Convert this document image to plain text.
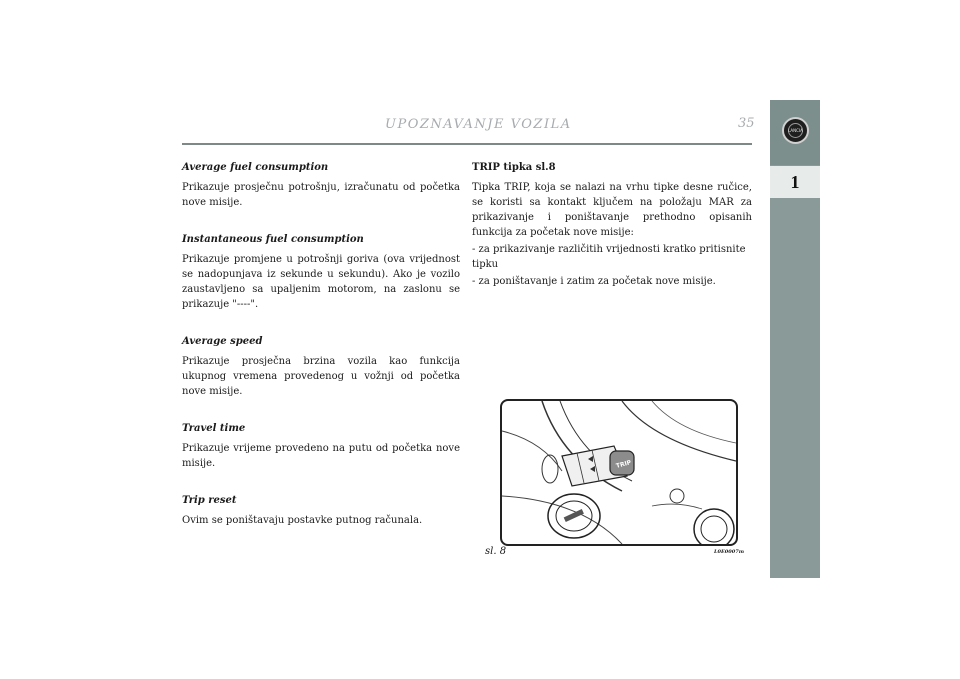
UPOZNAVANJE VOZILA	35	LANCIA
1

Average fuel consumption

Prikazuje prosječnu potrošnju, izračunatu od početka nove misije.

Instantaneous fuel consumption

Prikazuje promjene u potrošnji goriva (ova vrijednost se nadopunjava iz sekunde u sekundu). Ako je vozilo zaustavljeno sa upaljenim motorom, na zaslonu se prikazuje "----".

Average speed

Prikazuje prosječna brzina vozila kao funkcija ukupnog vremena provedenog u vožnji od početka nove misije.

Travel time

Prikazuje vrijeme provedeno na putu od početka nove misije.

Trip reset

Ovim se poništavaju postavke putnog računala.

TRIP tipka sl.8

Tipka TRIP, koja se nalazi na vrhu tipke desne ručice, se koristi sa kontakt ključem na položaju MAR za prikazivanje i poništavanje prethodno opisanih funkcija za početak nove misije:

- za prikazivanje različitih vrijednosti kratko pritisnite tipku
- za poništavanje i zatim za početak nove misije.
TRIP
sl. 8	L0E0007m
